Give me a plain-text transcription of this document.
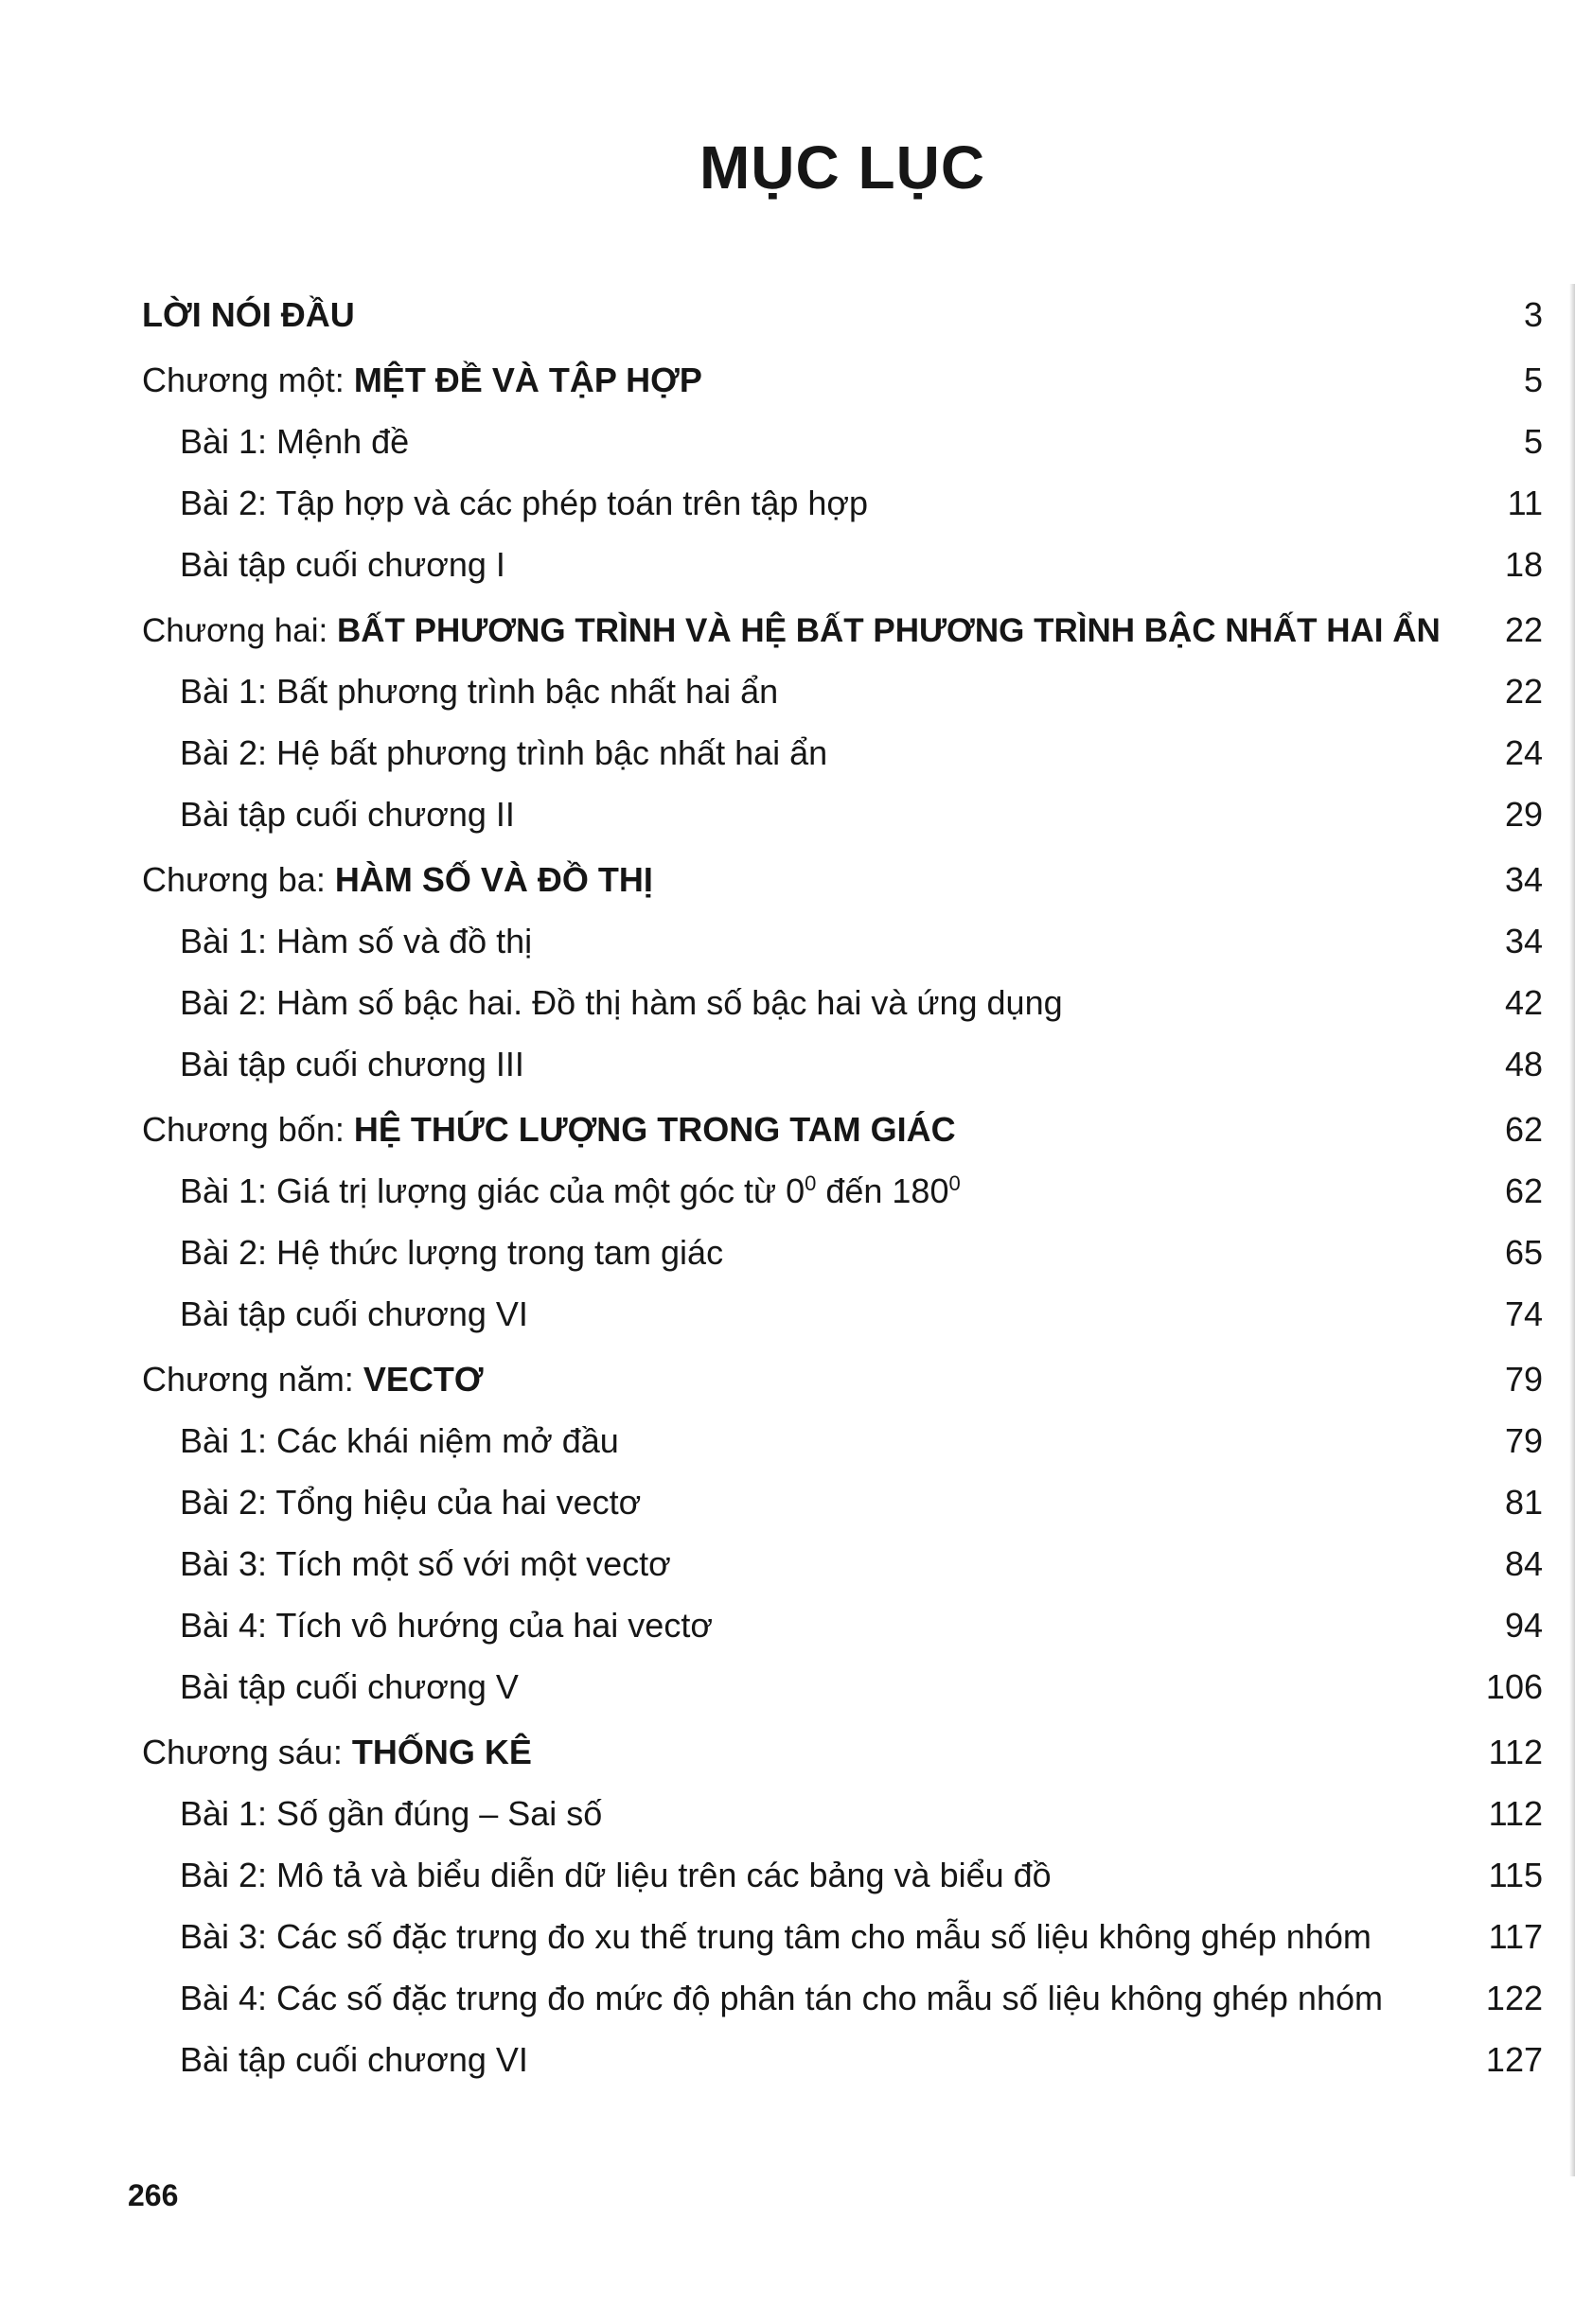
MỤC LỤC
LỜI NÓI ĐẦU	3
Chương một: MỆT ĐỀ VÀ TẬP HỢP	5
Bài 1: Mệnh đề	5
Bài 2: Tập hợp và các phép toán trên tập hợp	11
Bài tập cuối chương I	18
Chương hai: BẤT PHƯƠNG TRÌNH VÀ HỆ BẤT PHƯƠNG TRÌNH BẬC NHẤT HAI ẨN	22
Bài 1: Bất phương trình bậc nhất hai ẩn	22
Bài 2: Hệ bất phương trình bậc nhất hai ẩn	24
Bài tập cuối chương II	29
Chương ba: HÀM SỐ VÀ ĐỒ THỊ	34
Bài 1: Hàm số và đồ thị	34
Bài 2: Hàm số bậc hai. Đồ thị hàm số bậc hai và ứng dụng	42
Bài tập cuối chương III	48
Chương bốn: HỆ THỨC LƯỢNG TRONG TAM GIÁC	62
Bài 1: Giá trị lượng giác của một góc từ $0^0$ đến $180^0$	62
Bài 2: Hệ thức lượng trong tam giác	65
Bài tập cuối chương VI	74
Chương năm: VECTƠ	79
Bài 1: Các khái niệm mở đầu	79
Bài 2: Tổng hiệu của hai vectơ	81
Bài 3: Tích một số với một vectơ	84
Bài 4: Tích vô hướng của hai vectơ	94
Bài tập cuối chương V	106
Chương sáu: THỐNG KÊ	112
Bài 1: Số gần đúng – Sai số	112
Bài 2: Mô tả và biểu diễn dữ liệu trên các bảng và biểu đồ	115
Bài 3: Các số đặc trưng đo xu thế trung tâm cho mẫu số liệu không ghép nhóm	117
Bài 4: Các số đặc trưng đo mức độ phân tán cho mẫu số liệu không ghép nhóm	122
Bài tập cuối chương VI	127
266
